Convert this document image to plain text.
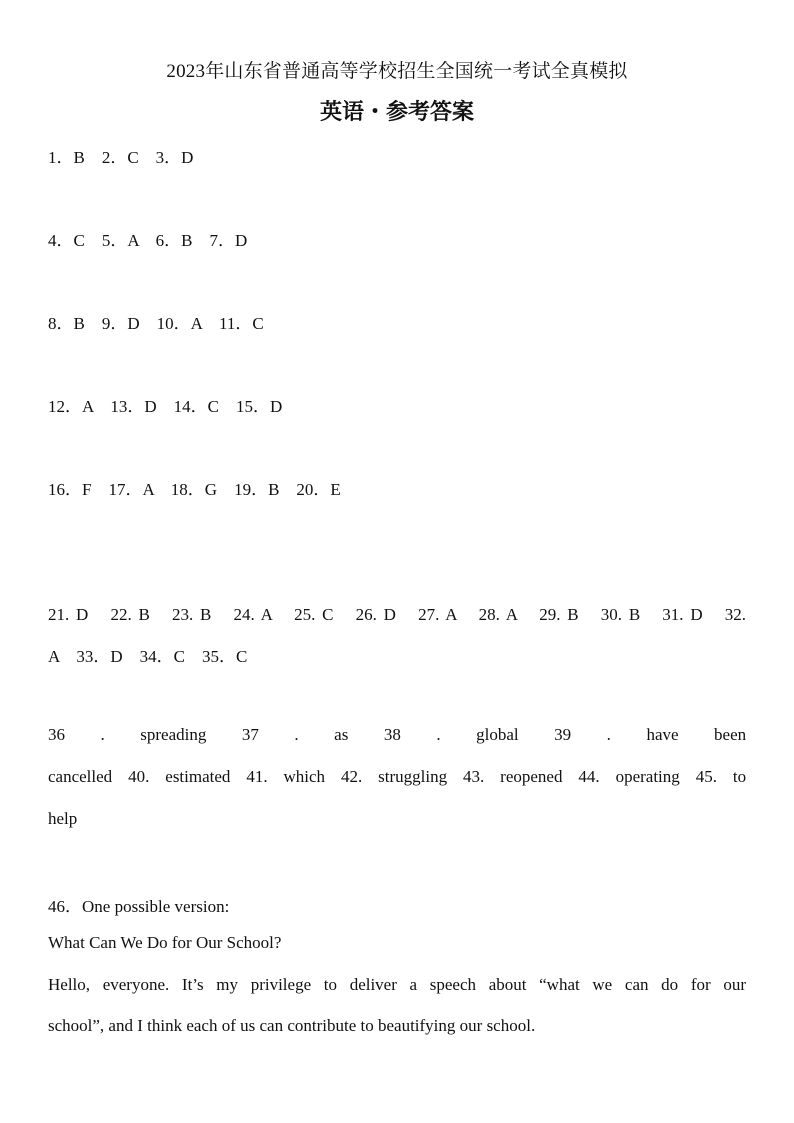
2023年山东省普通高等学校招生全国统一考试全真模拟
英语・参考答案
1．B　2．C　3．D
4．C　5．A　6．B　7．D
8．B　9．D　10．A　11．C
12．A　13．D　14．C　15．D
16．F　17．A　18．G　19．B　20．E
21. D　22. B　23. B　24. A　25. C　26. D　27. A　28. A　29. B　30. B　31. D　32.
A　33．D　34．C　35．C
36 . spreading 37 . as 38 . global 39 . have been
cancelled 40. estimated 41. which 42. struggling 43. reopened 44. operating 45. to
help
46．One possible version:
What Can We Do for Our School?
Hello, everyone. It’s my privilege to deliver a speech about “what we can do for our
school”, and I think each of us can contribute to beautifying our school.
